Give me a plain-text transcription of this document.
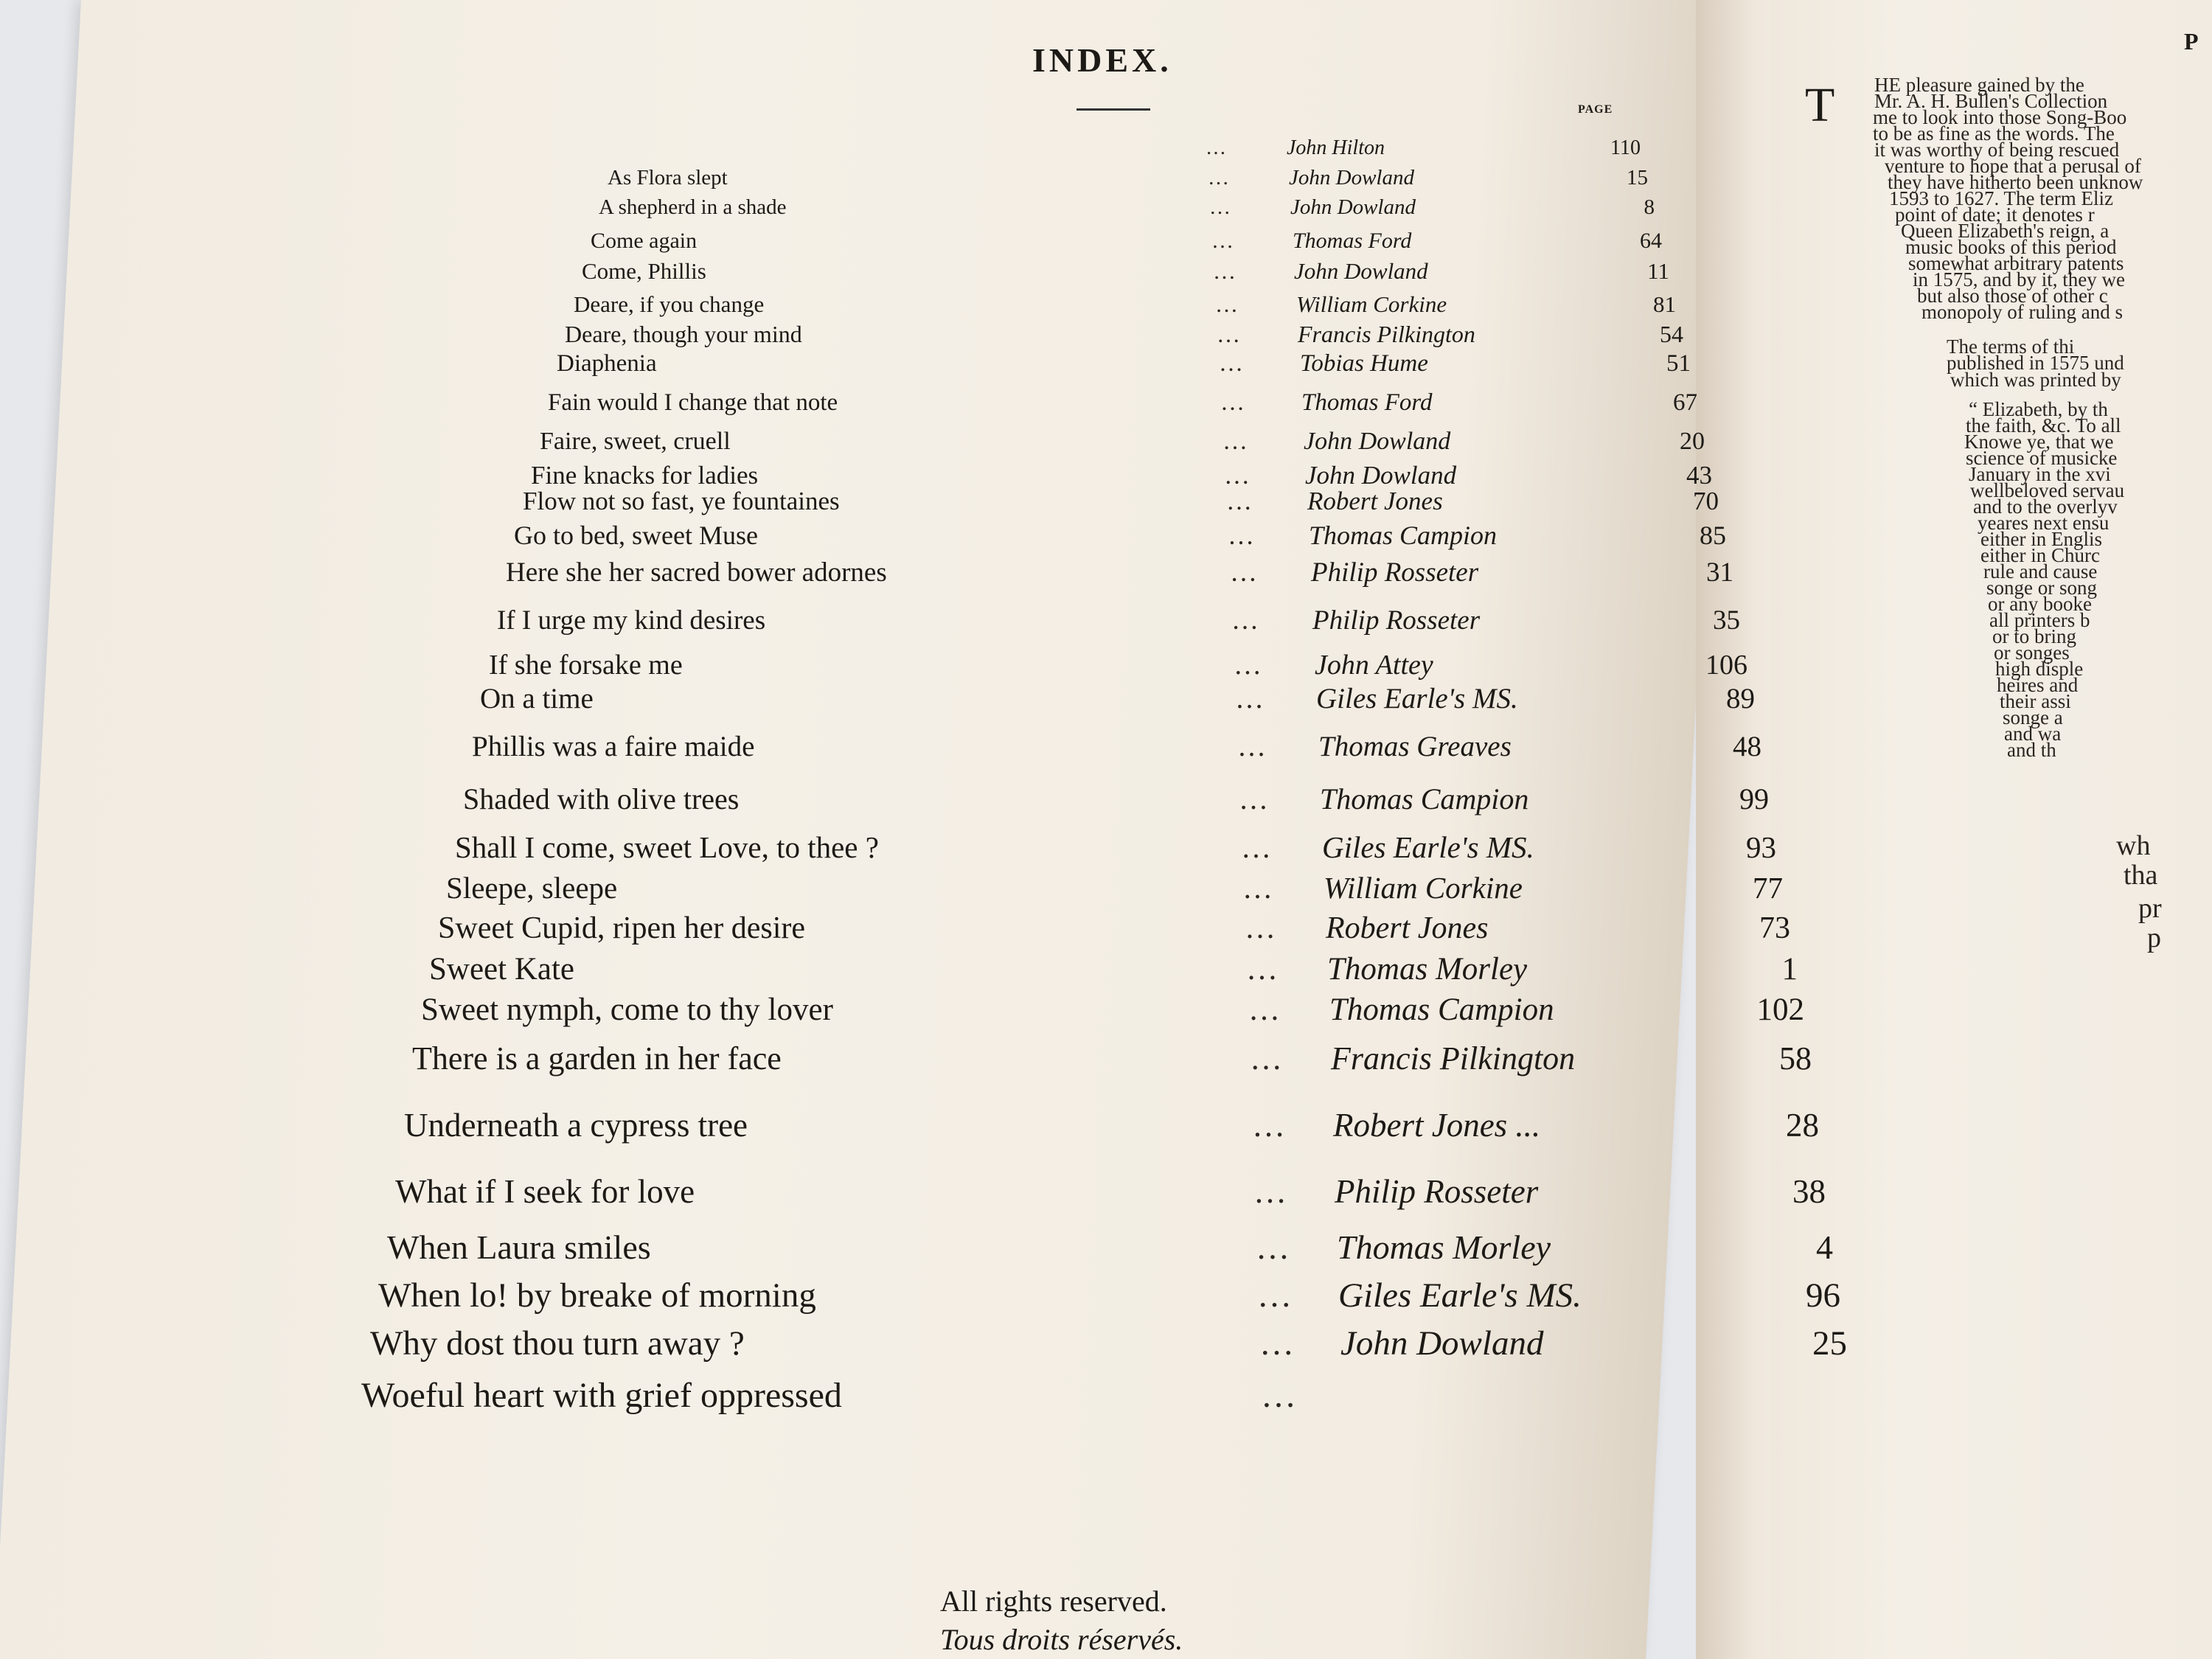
INDEX.
PAGE
…	John Hilton	110
As Flora slept	…	John Dowland	15
A shepherd in a shade	…	John Dowland	8
Come again	… Thomas Ford	64
Come, Phillis	… John Dowland	11
Deare, if you change	… William Corkine	81
Deare, though your mind	… Francis Pilkington	54
Diaphenia	… Tobias Hume	51
Fain would I change that note	… Thomas Ford	67
Faire, sweet, cruell	… John Dowland	20
Fine knacks for ladies	… John Dowland	43
Flow not so fast, ye fountaines	… Robert Jones	70
Go to bed, sweet Muse	… Thomas Campion	85
Here she her sacred bower adornes	… Philip Rosseter	31
If I urge my kind desires	… Philip Rosseter	35
If she forsake me	… John Attey	106
On a time	… Giles Earle's MS.	89
Phillis was a faire maide	… Thomas Greaves	48
Shaded with olive trees	… Thomas Campion	99
Shall I come, sweet Love, to thee ?	… Giles Earle's MS.	93
Sleepe, sleepe	… William Corkine	77
Sweet Cupid, ripen her desire	… Robert Jones	73
Sweet Kate	… Thomas Morley	1
Sweet nymph, come to thy lover	… Thomas Campion	102
There is a garden in her face	… Francis Pilkington	58
Underneath a cypress tree	… Robert Jones ...	28
What if I seek for love	… Philip Rosseter	38
When Laura smiles	… Thomas Morley	4
When lo! by breake of morning	… Giles Earle's MS.	96
Why dost thou turn away ?	… John Dowland	25
Woeful heart with grief oppressed	…
All rights reserved.
Tous droits réservés.
P
T HE pleasure gained by the
Mr. A. H. Bullen's Collection
me to look into those Song-Boo
to be as fine as the words. The
it was worthy of being rescued
venture to hope that a perusal of
they have hitherto been unknow
1593 to 1627. The term Eliz
point of date; it denotes r
Queen Elizabeth's reign, a
music books of this period
somewhat arbitrary patents
in 1575, and by it, they we
but also those of other c
monopoly of ruling and s
The terms of thi
published in 1575 und
which was printed by
“ Elizabeth, by th
the faith, &c. To all
Knowe ye, that we
science of musicke
January in the xvi
wellbeloved servau
and to the overlyv
yeares next ensu
either in Englis
either in Churc
rule and cause
songe or song
or any booke
all printers b
or to bring
or songes
high disple
heires and
their assi
songe a
and wa
and th
wh
tha
pr
p
